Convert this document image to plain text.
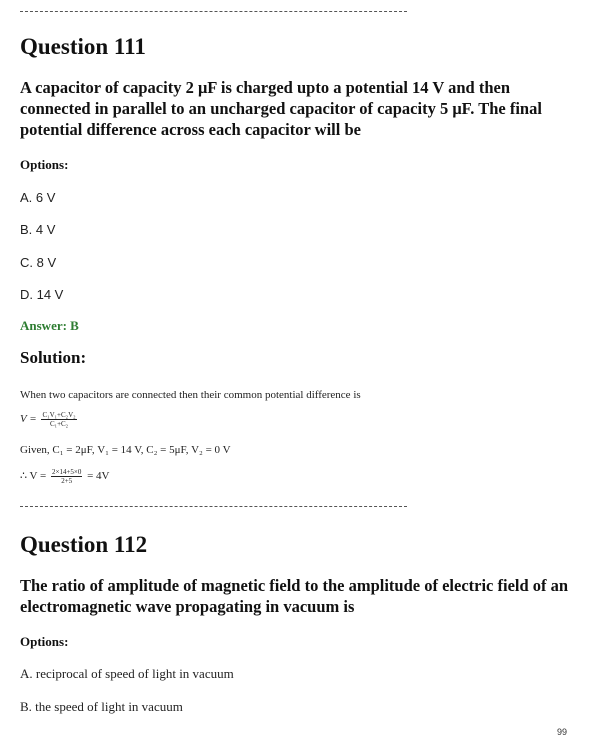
Question 111
A capacitor of capacity 2 μF is charged upto a potential 14 V and then connected in parallel to an uncharged capacitor of capacity 5 μF. The final potential difference across each capacitor will be
Options:
A. 6 V
B. 4 V
C. 8 V
D. 14 V
Answer: B
Solution:
When two capacitors are connected then their common potential difference is
$V = \frac{\text{C₁V₁+C₂V₂}}{\text{C₁+C₂}}$
Given, C₁ = 2μF, V₁ = 14 V, C₂ = 5μF, V₂ = 0 V
∴ $V = \frac{2\times 14+5\times 0}{2+5} = 4V$
Question 112
The ratio of amplitude of magnetic field to the amplitude of electric field of an electromagnetic wave propagating in vacuum is
Options:
A. reciprocal of speed of light in vacuum
B. the speed of light in vacuum
99
